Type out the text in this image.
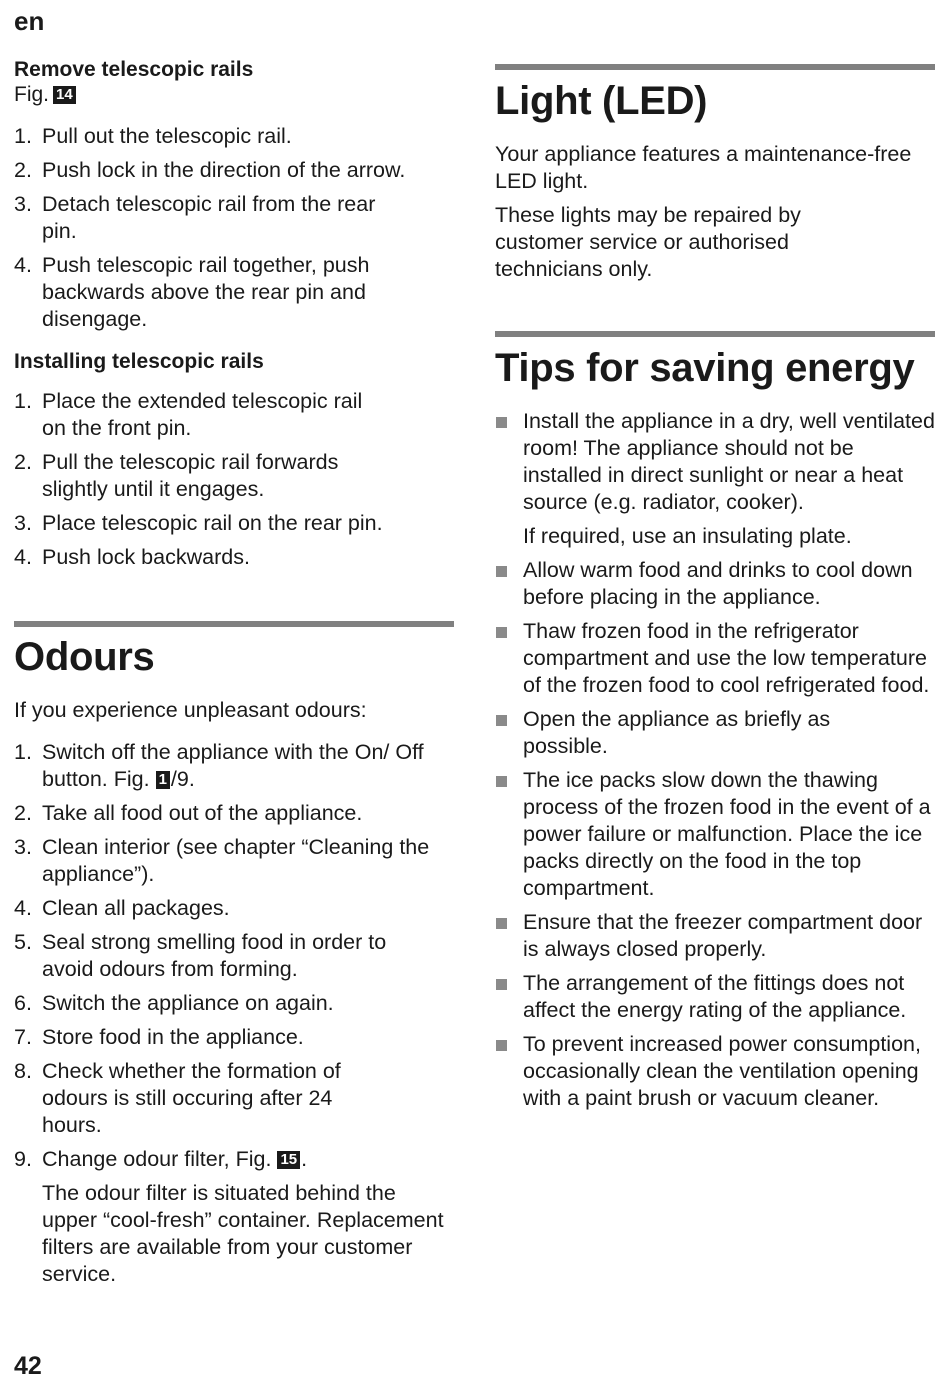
en
Remove telescopic rails
Fig. 14
1. Pull out the telescopic rail.
2. Push lock in the direction of the arrow.
3. Detach telescopic rail from the rear pin.
4. Push telescopic rail together, push backwards above the rear pin and disengage.
Installing telescopic rails
1. Place the extended telescopic rail on the front pin.
2. Pull the telescopic rail forwards slightly until it engages.
3. Place telescopic rail on the rear pin.
4. Push lock backwards.
Odours

If you experience unpleasant odours:

1. Switch off the appliance with the On/ Off button. Fig. 1 /9.
2. Take all food out of the appliance.
3. Clean interior (see chapter “Cleaning the appliance”).
4. Clean all packages.
5. Seal strong smelling food in order to avoid odours from forming.
6. Switch the appliance on again.
7. Store food in the appliance.
8. Check whether the formation of odours is still occuring after 24 hours.
9. Change odour filter, Fig. 15 .
The odour filter is situated behind the upper “cool-fresh” container. Replacement filters are available from your customer service.
Light (LED)

Your appliance features a maintenance-free LED light.

These lights may be repaired by customer service or authorised technicians only.

Tips for saving energy
Install the appliance in a dry, well ventilated room! The appliance should not be installed in direct sunlight or near a heat source (e.g. radiator, cooker).
If required, use an insulating plate.
Allow warm food and drinks to cool down before placing in the appliance.
Thaw frozen food in the refrigerator compartment and use the low temperature of the frozen food to cool refrigerated food.
Open the appliance as briefly as possible.
The ice packs slow down the thawing process of the frozen food in the event of a power failure or malfunction. Place the ice packs directly on the food in the top compartment.
Ensure that the freezer compartment door is always closed properly.
The arrangement of the fittings does not affect the energy rating of the appliance.
To prevent increased power consumption, occasionally clean the ventilation opening with a paint brush or vacuum cleaner.
42
